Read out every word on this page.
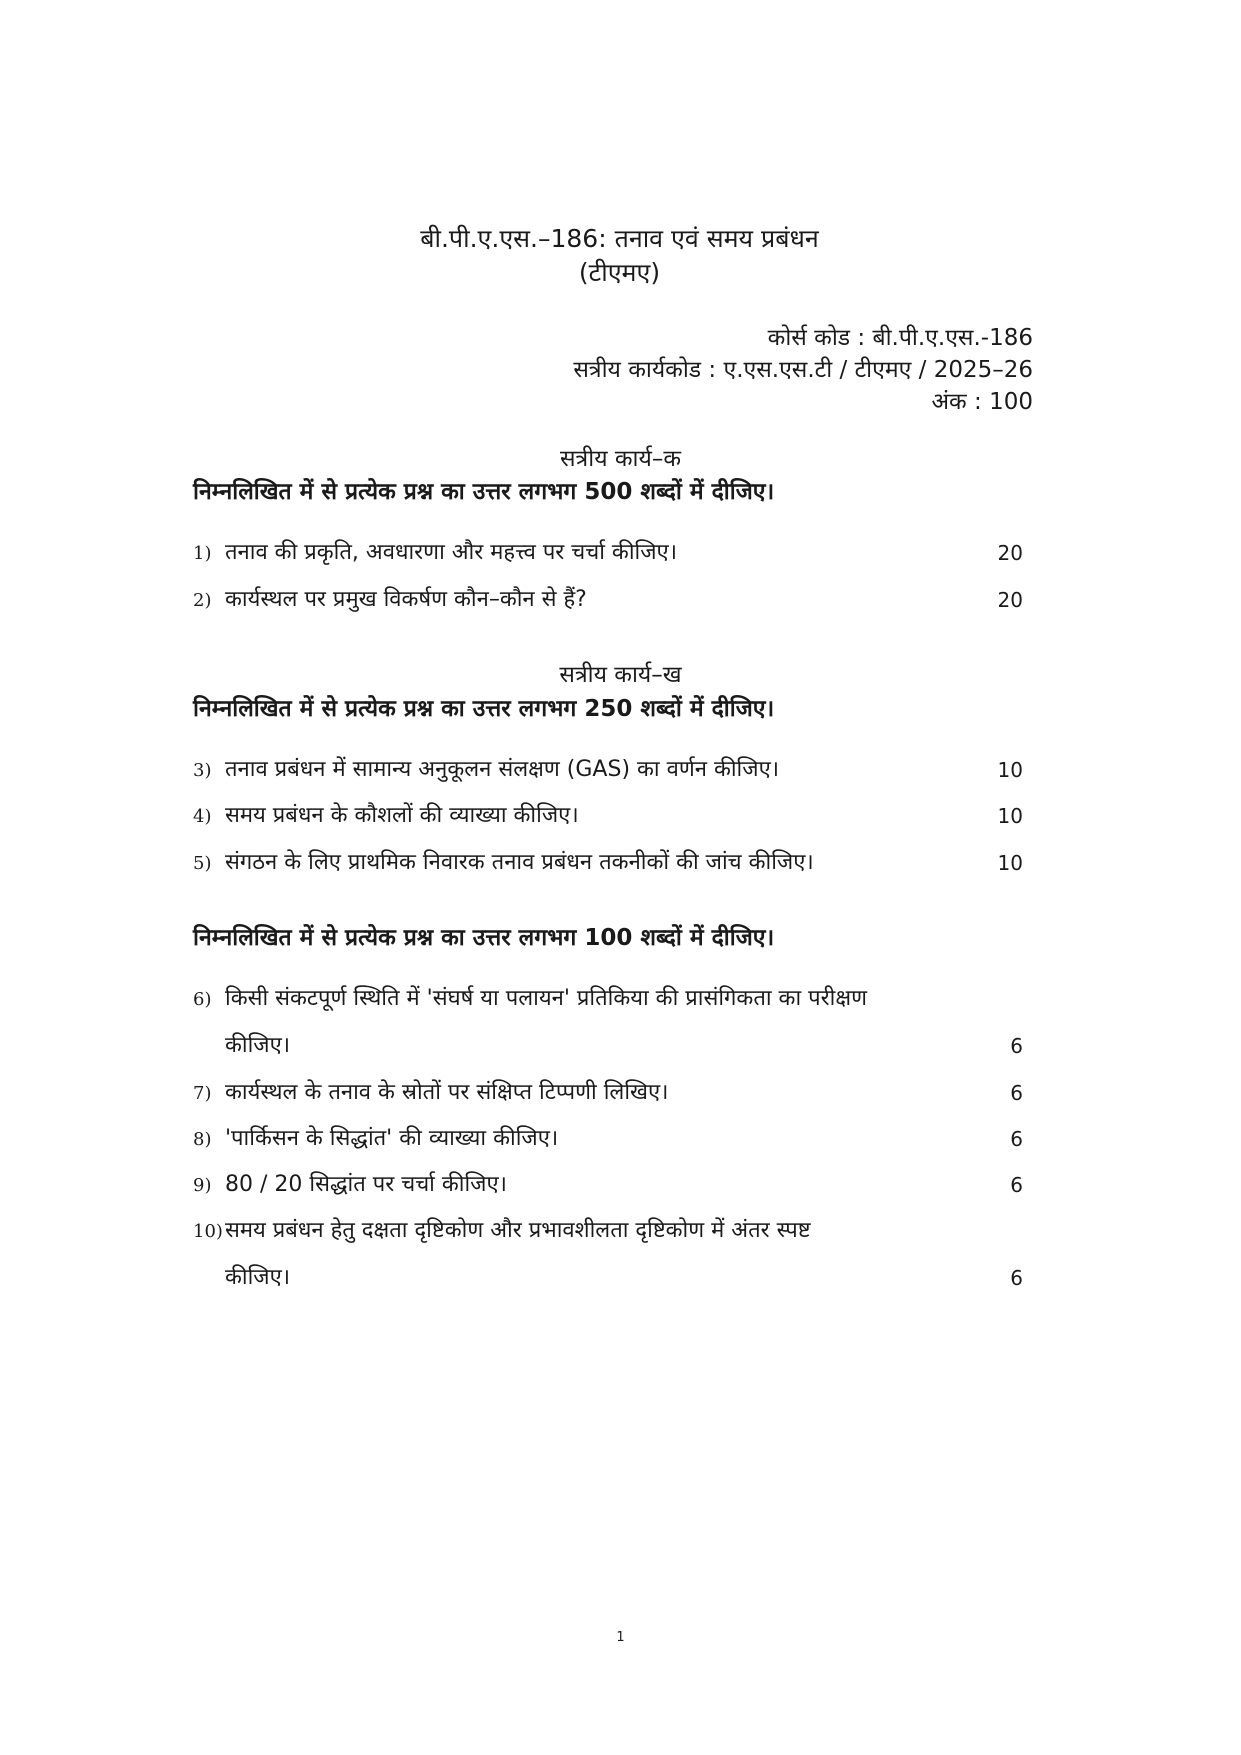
बी.पी.ए.एस.–186: तनाव एवं समय प्रबंधन
(टीएमए)
कोर्स कोड : बी.पी.ए.एस.-186
सत्रीय कार्यकोड : ए.एस.एस.टी / टीएमए / 2025–26
अंक : 100
सत्रीय कार्य–क
निम्नलिखित में से प्रत्येक प्रश्न का उत्तर लगभग 500 शब्दों में दीजिए।
1) तनाव की प्रकृति, अवधारणा और महत्त्व पर चर्चा कीजिए।	20
2) कार्यस्थल पर प्रमुख विकर्षण कौन–कौन से हैं?	20
सत्रीय कार्य–ख
निम्नलिखित में से प्रत्येक प्रश्न का उत्तर लगभग 250 शब्दों में दीजिए।
3) तनाव प्रबंधन में सामान्य अनुकूलन संलक्षण (GAS) का वर्णन कीजिए।	10
4) समय प्रबंधन के कौशलों की व्याख्या कीजिए।	10
5) संगठन के लिए प्राथमिक निवारक तनाव प्रबंधन तकनीकों की जांच कीजिए।	10
निम्नलिखित में से प्रत्येक प्रश्न का उत्तर लगभग 100 शब्दों में दीजिए।
6) किसी संकटपूर्ण स्थिति में 'संघर्ष या पलायन' प्रतिकिया की प्रासंगिकता का परीक्षण
कीजिए।	6
7) कार्यस्थल के तनाव के स्रोतों पर संक्षिप्त टिप्पणी लिखिए।	6
8) 'पार्किसन के सिद्धांत' की व्याख्या कीजिए।	6
9) 80 / 20 सिद्धांत पर चर्चा कीजिए।	6
10)समय प्रबंधन हेतु दक्षता दृष्टिकोण और प्रभावशीलता दृष्टिकोण में अंतर स्पष्ट
कीजिए।	6
1
